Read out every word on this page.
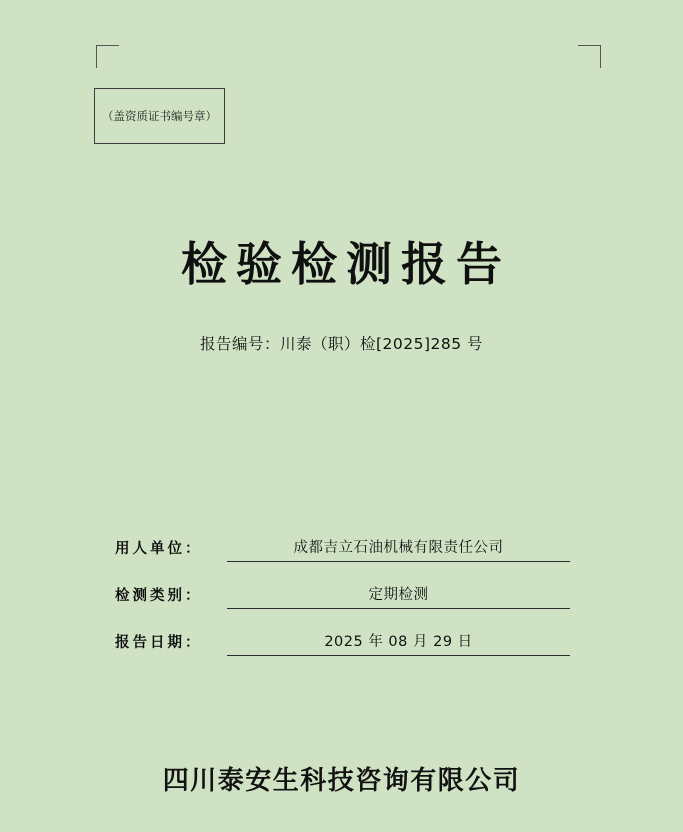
（盖资质证书编号章）
检验检测报告
报告编号：川泰（职）检[2025]285 号
用人单位：	成都吉立石油机械有限责任公司
检测类别：	定期检测
报告日期：	2025 年 08 月 29 日
四川泰安生科技咨询有限公司
